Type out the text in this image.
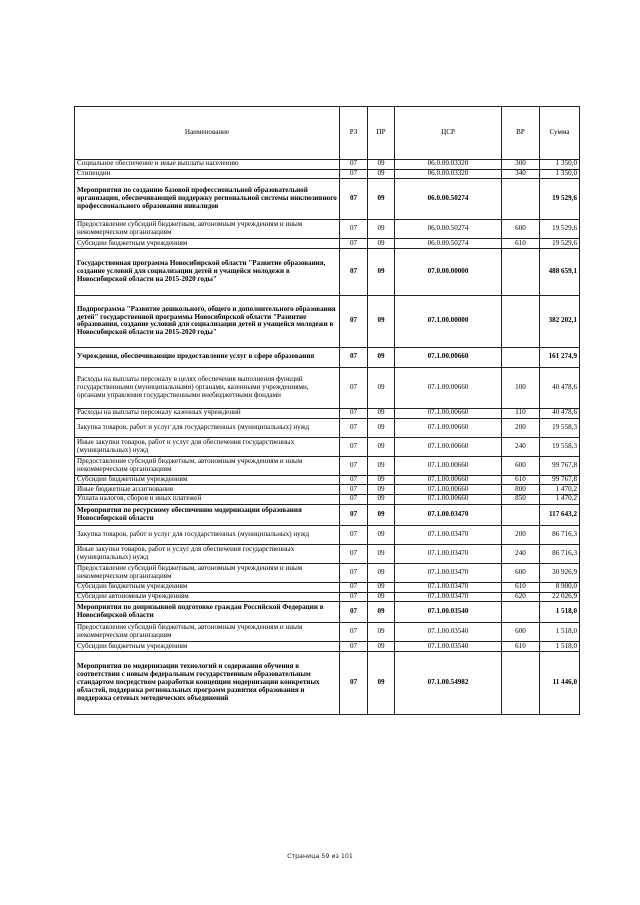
Наименование	РЗ	ПР	ЦСР	ВР	Сумма
Социальное обеспечение и иные выплаты населению	07	09	06.0.00.03320	300	1 350,0
Стипендии	07	09	06.0.00.03320	340	1 350,0
Мероприятия по созданию базовой профессиональной образовательной организации, обеспечивающей поддержку региональной системы инклюзивного профессионального образования инвалидов	07	09	06.0.00.50274		19 529,6
Предоставление субсидий бюджетным, автономным учреждениям и иным некоммерческим организациям	07	09	06.0.00.50274	600	19 529,6
Субсидии бюджетным учреждениям	07	09	06.0.00.50274	610	19 529,6
Государственная программа Новосибирской области "Развитие образования, создание условий для социализации детей и учащейся молодежи в Новосибирской области на 2015-2020 годы"	07	09	07.0.00.00000		488 659,1
Подпрограмма "Развитие дошкольного, общего и дополнительного образования детей" государственной программы Новосибирской области "Развитие образования, создание условий для социализации детей и учащейся молодежи в Новосибирской области на 2015-2020 годы"	07	09	07.1.00.00000		382 202,1
Учреждения, обеспечивающие предоставление услуг в сфере образования	07	09	07.1.00.00660		161 274,9
Расходы на выплаты персоналу в целях обеспечения выполнения функций государственными (муниципальными) органами, казенными учреждениями, органами управления государственными внебюджетными фондами	07	09	07.1.00.00660	100	40 478,6
Расходы на выплаты персоналу казенных учреждений	07	09	07.1.00.00660	110	40 478,6
Закупка товаров, работ и услуг для государственных (муниципальных) нужд	07	09	07.1.00.00660	200	19 558,3
Иные закупки товаров, работ и услуг для обеспечения государственных (муниципальных) нужд	07	09	07.1.00.00660	240	19 558,3
Предоставление субсидий бюджетным, автономным учреждениям и иным некоммерческим организациям	07	09	07.1.00.00660	600	99 767,8
Субсидии бюджетным учреждениям	07	09	07.1.00.00660	610	99 767,8
Иные бюджетные ассигнования	07	09	07.1.00.00660	800	1 470,2
Уплата налогов, сборов и иных платежей	07	09	07.1.00.00660	850	1 470,2
Мероприятия по ресурсному обеспечению модернизации образования Новосибирской области	07	09	07.1.00.03470		117 643,2
Закупка товаров, работ и услуг для государственных (муниципальных) нужд	07	09	07.1.00.03470	200	86 716,3
Иные закупки товаров, работ и услуг для обеспечения государственных (муниципальных) нужд	07	09	07.1.00.03470	240	86 716,3
Предоставление субсидий бюджетным, автономным учреждениям и иным некоммерческим организациям	07	09	07.1.00.03470	600	30 926,9
Субсидии бюджетным учреждениям	07	09	07.1.00.03470	610	8 900,0
Субсидии автономным учреждениям	07	09	07.1.00.03470	620	22 026,9
Мероприятия по допризывной подготовке граждан Российской Федерации в Новосибирской области	07	09	07.1.00.03540		1 518,0
Предоставление субсидий бюджетным, автономным учреждениям и иным некоммерческим организациям	07	09	07.1.00.03540	600	1 518,0
Субсидии бюджетным учреждениям	07	09	07.1.00.03540	610	1 518,0
Мероприятия по модернизации технологий и содержания обучения в соответствии с новым федеральным государственным образовательным стандартом посредством разработки концепции модернизации конкретных областей, поддержка региональных программ развития образования и поддержка сетевых методических объединений	07	09	07.1.00.54982		11 446,0
Страница 59 из 101
